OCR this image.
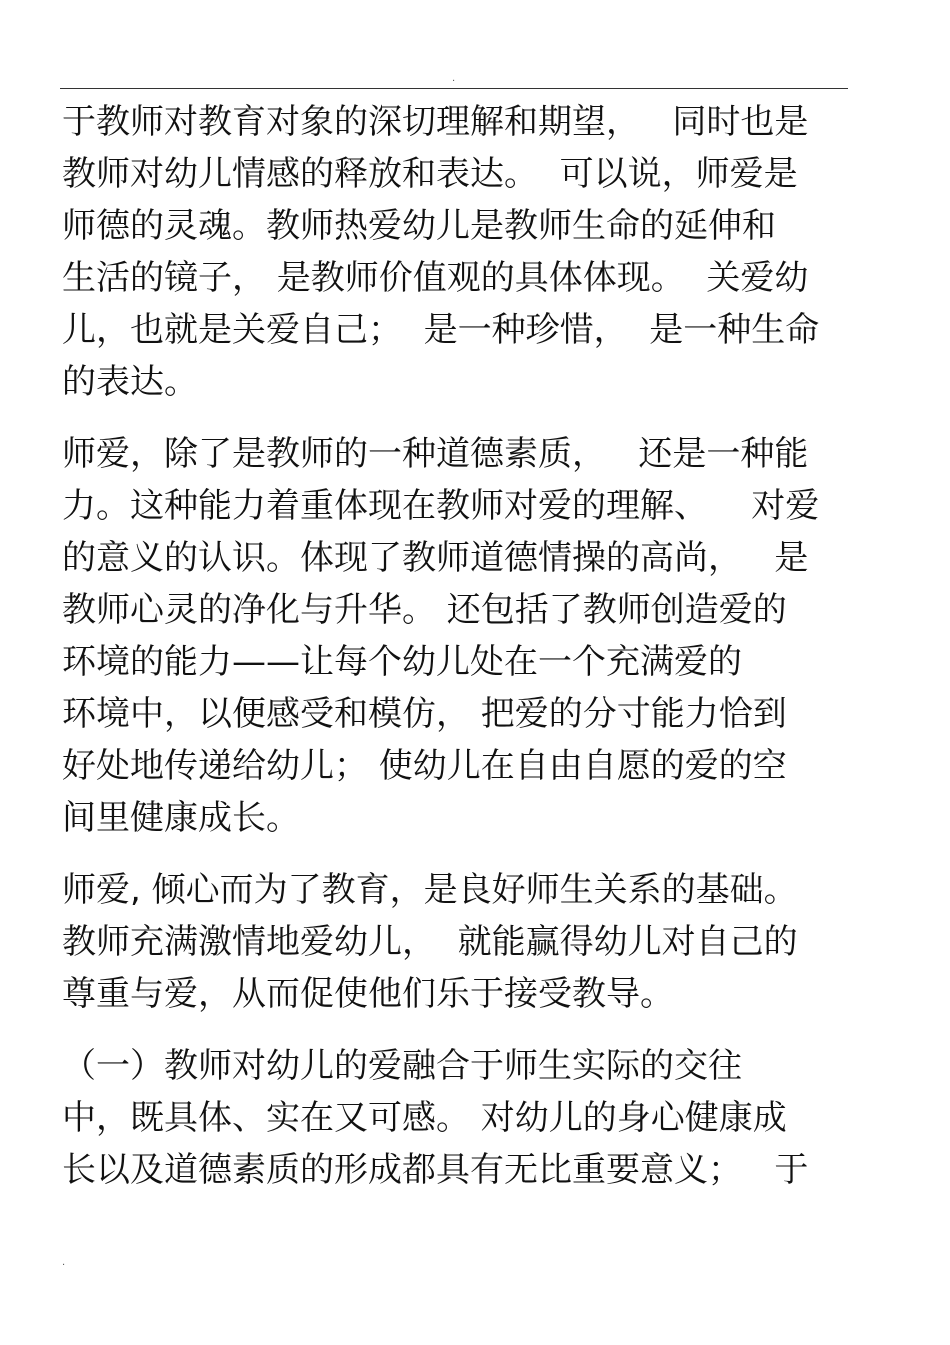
.
于教师对教育对象的深切理解和期望，   同时也是
教师对幼儿情感的释放和表达。  可以说，师爱是
师德的灵魂。教师热爱幼儿是教师生命的延伸和
生活的镜子， 是教师价值观的具体体现。  关爱幼
儿，也就是关爱自己；  是一种珍惜，  是一种生命
的表达。
师爱，除了是教师的一种道德素质，   还是一种能
力。这种能力着重体现在教师对爱的理解、    对爱
的意义的认识。体现了教师道德情操的高尚，   是
教师心灵的净化与升华。 还包括了教师创造爱的
环境的能力——让每个幼儿处在一个充满爱的
环境中，以便感受和模仿， 把爱的分寸能力恰到
好处地传递给幼儿； 使幼儿在自由自愿的爱的空
间里健康成长。
师爱, 倾心而为了教育，是良好师生关系的基础。
教师充满激情地爱幼儿，  就能赢得幼儿对自己的
尊重与爱，从而促使他们乐于接受教导。
（一）教师对幼儿的爱融合于师生实际的交往
中，既具体、实在又可感。 对幼儿的身心健康成
长以及道德素质的形成都具有无比重要意义；   于
.
